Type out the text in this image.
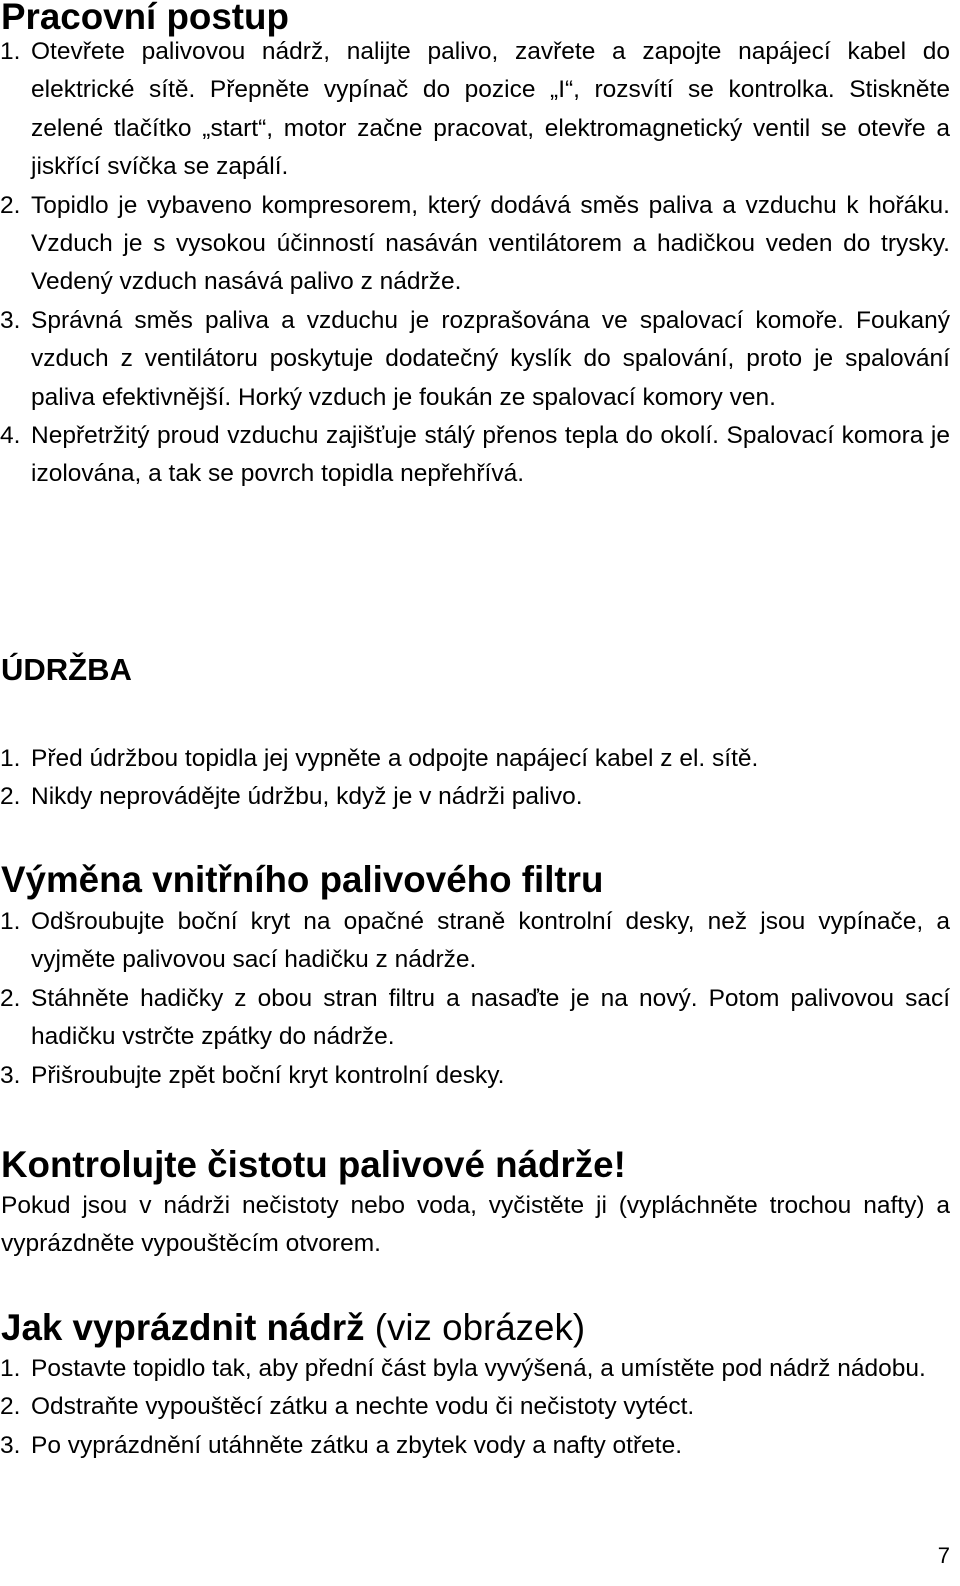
Pracovní postup
1. Otevřete palivovou nádrž, nalijte palivo, zavřete a zapojte napájecí kabel do elektrické sítě. Přepněte vypínač do pozice „I“, rozsvítí se kontrolka. Stiskněte zelené tlačítko „start“, motor začne pracovat, elektromagnetický ventil se otevře a jiskřící svíčka se zapálí.
2. Topidlo je vybaveno kompresorem, který dodává směs paliva a vzduchu k hořáku. Vzduch je s vysokou účinností nasáván ventilátorem a hadičkou veden do trysky. Vedený vzduch nasává palivo z nádrže.
3. Správná směs paliva a vzduchu je rozprašována ve spalovací komoře. Foukaný vzduch z ventilátoru poskytuje dodatečný kyslík do spalování, proto je spalování paliva efektivnější. Horký vzduch je foukán ze spalovací komory ven.
4. Nepřetržitý proud vzduchu zajišťuje stálý přenos tepla do okolí. Spalovací komora je izolována, a tak se povrch topidla nepřehřívá.
ÚDRŽBA
1. Před údržbou topidla jej vypněte a odpojte napájecí kabel z el. sítě.
2. Nikdy neprovádějte údržbu, když je v nádrži palivo.
Výměna vnitřního palivového filtru
1. Odšroubujte boční kryt na opačné straně kontrolní desky, než jsou vypínače, a vyjměte palivovou sací hadičku z nádrže.
2. Stáhněte hadičky z obou stran filtru a nasaďte je na nový. Potom palivovou sací hadičku vstrčte zpátky do nádrže.
3. Přišroubujte zpět boční kryt kontrolní desky.
Kontrolujte čistotu palivové nádrže!

Pokud jsou v nádrži nečistoty nebo voda, vyčistěte ji (vypláchněte trochou nafty) a vyprázdněte vypouštěcím otvorem.

Jak vyprázdnit nádrž (viz obrázek)
1. Postavte topidlo tak, aby přední část byla vyvýšená, a umístěte pod nádrž nádobu.
2. Odstraňte vypouštěcí zátku a nechte vodu či nečistoty vytéct.
3. Po vyprázdnění utáhněte zátku a zbytek vody a nafty otřete.
7
